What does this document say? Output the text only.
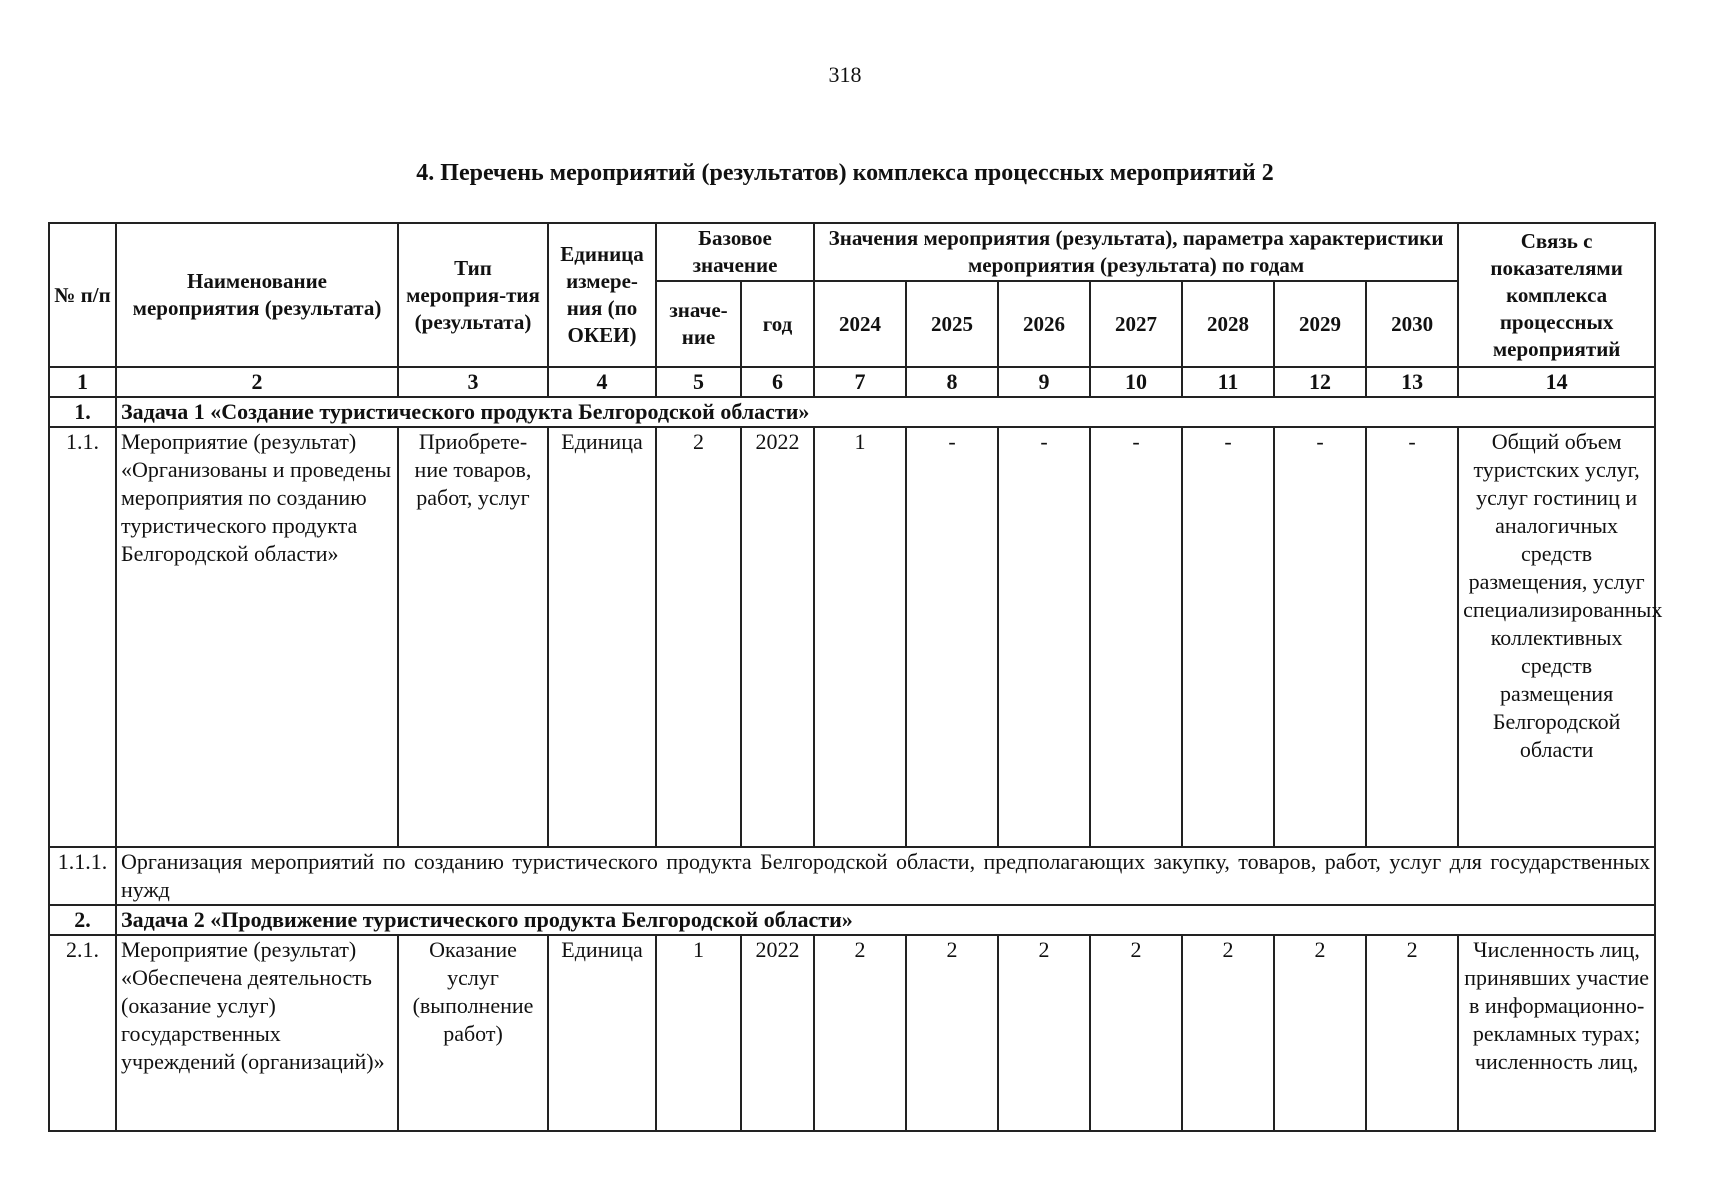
318
4. Перечень мероприятий (результатов) комплекса процессных мероприятий 2
№ п/п	Наименование мероприятия (результата)	Тип мероприя-тия (результата)	Единица измере-ния (по ОКЕИ)	Базовое значение		Значения мероприятия (результата), параметра характеристики мероприятия (результата) по годам							Связь с показателями комплекса процессных мероприятий
				значе-ние	год	2024	2025	2026	2027	2028	2029	2030	
1	2	3	4	5	6	7	8	9	10	11	12	13	14
1.	Задача 1 «Создание туристического продукта Белгородской области»												
1.1.	Мероприятие (результат) «Организованы и проведены мероприятия по созданию туристического продукта Белгородской области»	Приобрете-ние товаров, работ, услуг	Единица	2	2022	1	-	-	-	-	-	-	Общий объем туристских услуг, услуг гостиниц и аналогичных средств размещения, услуг специализированных коллективных средств размещения Белгородской области
1.1.1.	Организация мероприятий по созданию туристического продукта Белгородской области, предполагающих закупку, товаров, работ, услуг для государственных нужд												
2.	Задача 2 «Продвижение туристического продукта Белгородской области»												
2.1.	Мероприятие (результат) «Обеспечена деятельность (оказание услуг) государственных учреждений (организаций)»	Оказание услуг (выполнение работ)	Единица	1	2022	2	2	2	2	2	2	2	Численность лиц, принявших участие в информационно-рекламных турах; численность лиц,
